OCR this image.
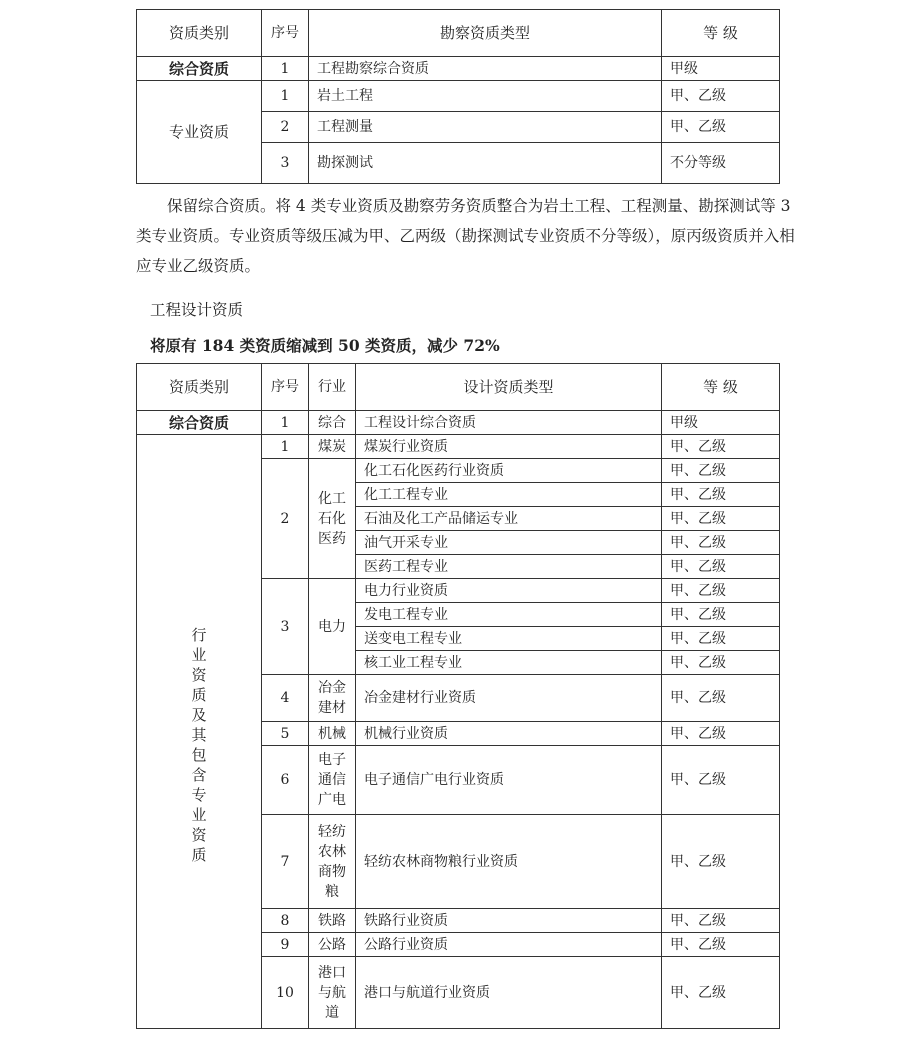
资质类别	序号	勘察资质类型	等 级
综合资质	1	工程勘察综合资质	甲级
专业资质	1	岩土工程	甲、乙级
	2	工程测量	甲、乙级
	3	勘探测试	不分等级

保留综合资质。将 4 类专业资质及勘察劳务资质整合为岩土工程、工程测量、勘探测试等 3 类专业资质。专业资质等级压减为甲、乙两级（勘探测试专业资质不分等级），原丙级资质并入相应专业乙级资质。

工程设计资质
将原有 184 类资质缩减到 50 类资质，减少 72%
资质类别	序号	行业	设计资质类型	等 级
综合资质	1	综合	工程设计综合资质	甲级
行业资质及其包含专业资质	1	煤炭	煤炭行业资质	甲、乙级
	2	化工石化医药	化工石化医药行业资质	甲、乙级
			化工工程专业	甲、乙级
			石油及化工产品储运专业	甲、乙级
			油气开采专业	甲、乙级
			医药工程专业	甲、乙级
	3	电力	电力行业资质	甲、乙级
			发电工程专业	甲、乙级
			送变电工程专业	甲、乙级
			核工业工程专业	甲、乙级
	4	冶金建材	冶金建材行业资质	甲、乙级
	5	机械	机械行业资质	甲、乙级
	6	电子通信广电	电子通信广电行业资质	甲、乙级
	7	轻纺农林商物粮	轻纺农林商物粮行业资质	甲、乙级
	8	铁路	铁路行业资质	甲、乙级
	9	公路	公路行业资质	甲、乙级
	10	港口与航道	港口与航道行业资质	甲、乙级
